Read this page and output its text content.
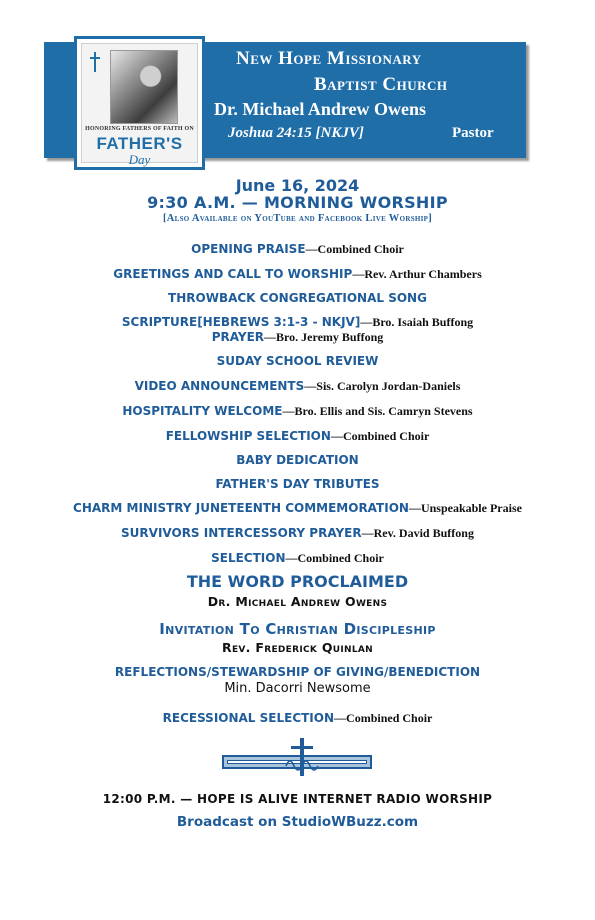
HONORING FATHERS OF FAITH ON
FATHER'S
Day
New Hope Missionary
Baptist Church
Dr. Michael Andrew Owens
Joshua 24:15 [NKJV]	Pastor
June 16, 2024
9:30 A.M. — MORNING WORSHIP
[Also Available on YouTube and Facebook Live Worship]
OPENING PRAISE—Combined Choir
GREETINGS AND CALL TO WORSHIP—Rev. Arthur Chambers
THROWBACK CONGREGATIONAL SONG
SCRIPTURE[HEBREWS 3:1-3 - NKJV]—Bro. Isaiah Buffong
PRAYER—Bro. Jeremy Buffong
SUDAY SCHOOL REVIEW
VIDEO ANNOUNCEMENTS—Sis. Carolyn Jordan-Daniels
HOSPITALITY WELCOME—Bro. Ellis and Sis. Camryn Stevens
FELLOWSHIP SELECTION—Combined Choir
BABY DEDICATION
FATHER'S DAY TRIBUTES
CHARM MINISTRY JUNETEENTH COMMEMORATION—Unspeakable Praise
SURVIVORS INTERCESSORY PRAYER—Rev. David Buffong
SELECTION—Combined Choir
THE WORD PROCLAIMED
Dr. Michael Andrew Owens
Invitation To Christian Discipleship
Rev. Frederick Quinlan
REFLECTIONS/STEWARDSHIP OF GIVING/BENEDICTION
Min. Dacorri Newsome
RECESSIONAL SELECTION—Combined Choir
12:00 P.M. — HOPE IS ALIVE INTERNET RADIO WORSHIP
Broadcast on StudioWBuzz.com
